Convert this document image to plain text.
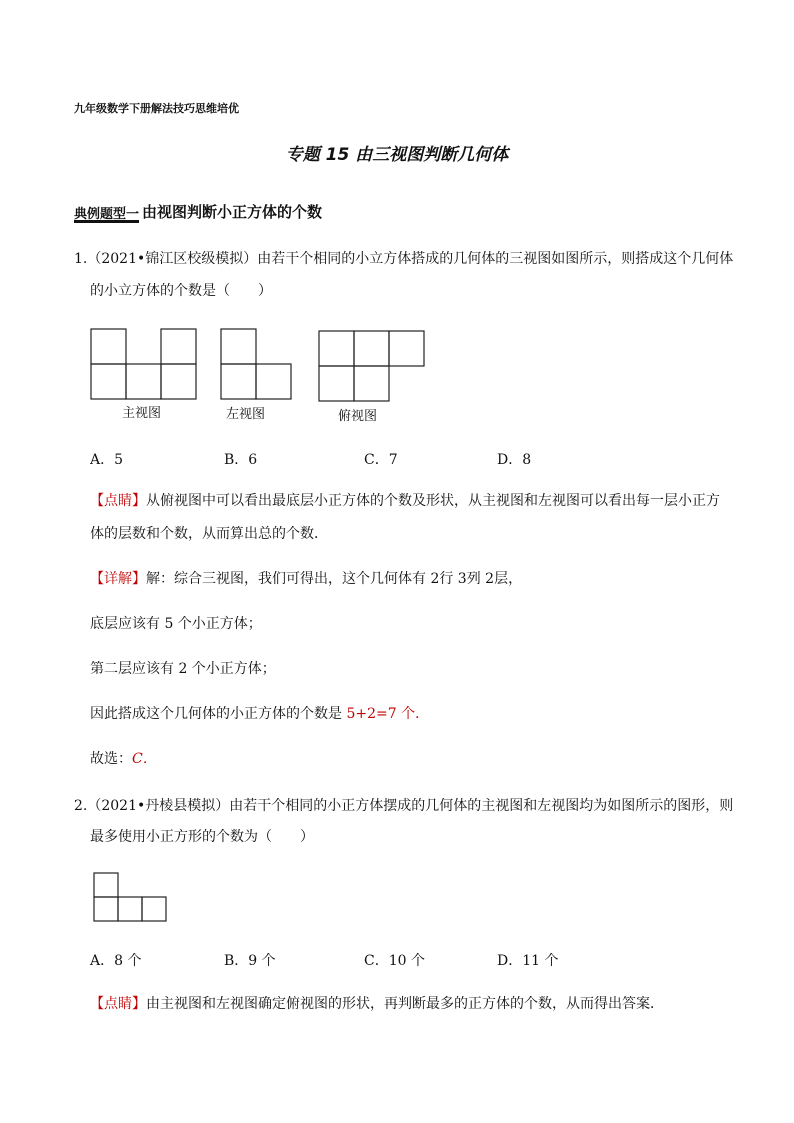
九年级数学下册解法技巧思维培优
专题 15 由三视图判断几何体
典例题型一 由视图判断小正方体的个数
1.（2021•锦江区校级模拟）由若干个相同的小立方体搭成的几何体的三视图如图所示，则搭成这个几何体
的小立方体的个数是（　　）
主视图	左视图	俯视图
A．5	B．6	C．7	D．8
【点睛】从俯视图中可以看出最底层小正方体的个数及形状，从主视图和左视图可以看出每一层小正方
体的层数和个数，从而算出总的个数．
【详解】解：综合三视图，我们可得出，这个几何体有 2行 3列 2层，
底层应该有 5 个小正方体；
第二层应该有 2 个小正方体；
因此搭成这个几何体的小正方体的个数是 5+2=7 个．
故选：C．
2.（2021•丹棱县模拟）由若干个相同的小正方体摆成的几何体的主视图和左视图均为如图所示的图形，则
最多使用小正方形的个数为（　　）
A．8 个	B．9 个	C．10 个	D．11 个
【点睛】由主视图和左视图确定俯视图的形状，再判断最多的正方体的个数，从而得出答案．
